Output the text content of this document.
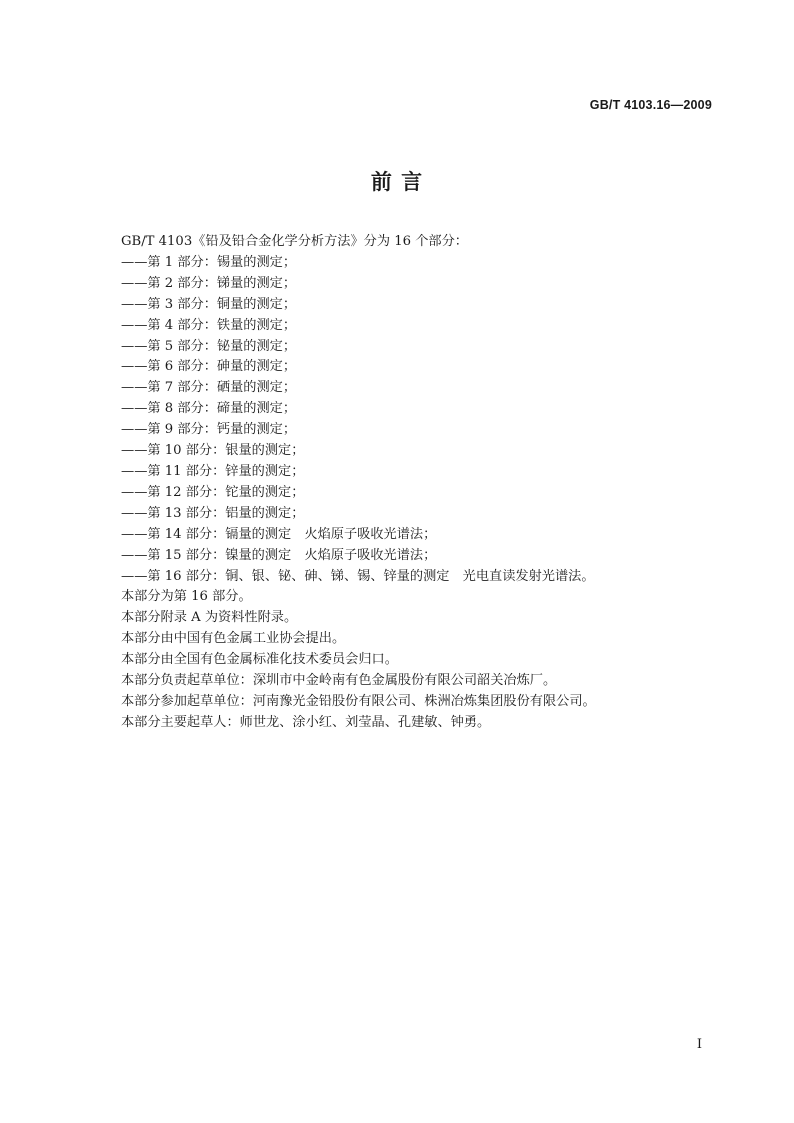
GB/T 4103.16—2009
前 言
GB/T 4103《铅及铅合金化学分析方法》分为 16 个部分：
——第 1 部分：锡量的测定；
——第 2 部分：锑量的测定；
——第 3 部分：铜量的测定；
——第 4 部分：铁量的测定；
——第 5 部分：铋量的测定；
——第 6 部分：砷量的测定；
——第 7 部分：硒量的测定；
——第 8 部分：碲量的测定；
——第 9 部分：钙量的测定；
——第 10 部分：银量的测定；
——第 11 部分：锌量的测定；
——第 12 部分：铊量的测定；
——第 13 部分：铝量的测定；
——第 14 部分：镉量的测定　火焰原子吸收光谱法；
——第 15 部分：镍量的测定　火焰原子吸收光谱法；
——第 16 部分：铜、银、铋、砷、锑、锡、锌量的测定　光电直读发射光谱法。
本部分为第 16 部分。
本部分附录 A 为资料性附录。
本部分由中国有色金属工业协会提出。
本部分由全国有色金属标准化技术委员会归口。
本部分负责起草单位：深圳市中金岭南有色金属股份有限公司韶关冶炼厂。
本部分参加起草单位：河南豫光金铅股份有限公司、株洲冶炼集团股份有限公司。
本部分主要起草人：师世龙、涂小红、刘莹晶、孔建敏、钟勇。
I
